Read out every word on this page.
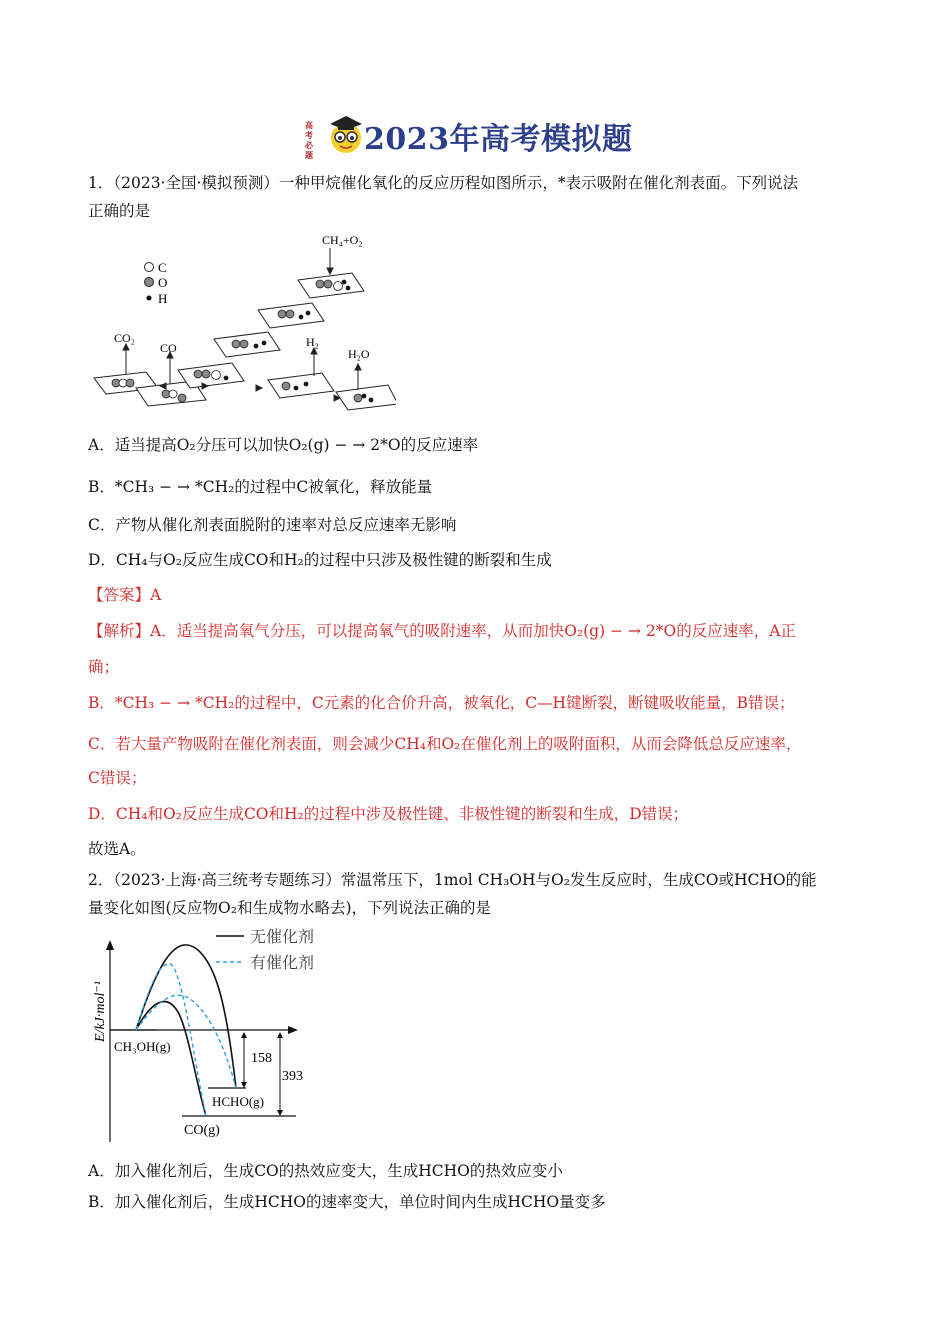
高
考
必
题 2023年高考模拟题
1．（2023·全国·模拟预测）一种甲烷催化氧化的反应历程如图所示，*表示吸附在催化剂表面。下列说法
正确的是
C
O
H
CH₄+O₂
CO₂
CO	H₂
H₂O
A．适当提高O₂分压可以加快O₂(g) − → 2*O的反应速率
B．*CH₃ − → *CH₂的过程中C被氧化，释放能量
C．产物从催化剂表面脱附的速率对总反应速率无影响
D．CH₄与O₂反应生成CO和H₂的过程中只涉及极性键的断裂和生成
【答案】A
【解析】A．适当提高氧气分压，可以提高氧气的吸附速率，从而加快O₂(g) − → 2*O的反应速率，A正
确；
B．*CH₃ − → *CH₂的过程中，C元素的化合价升高，被氧化，C—H键断裂，断键吸收能量，B错误；
C．若大量产物吸附在催化剂表面，则会减少CH₄和O₂在催化剂上的吸附面积，从而会降低总反应速率，
C错误；
D．CH₄和O₂反应生成CO和H₂的过程中涉及极性键、非极性键的断裂和生成，D错误；
故选A。
2．（2023·上海·高三统考专题练习）常温常压下，1mol CH₃OH与O₂发生反应时，生成CO或HCHO的能
量变化如图(反应物O₂和生成物水略去)，下列说法正确的是
E/kJ·mol⁻¹
无催化剂
有催化剂
158
393
CH₃OH(g)
HCHO(g)
CO(g)
A．加入催化剂后，生成CO的热效应变大，生成HCHO的热效应变小
B．加入催化剂后，生成HCHO的速率变大，单位时间内生成HCHO量变多
